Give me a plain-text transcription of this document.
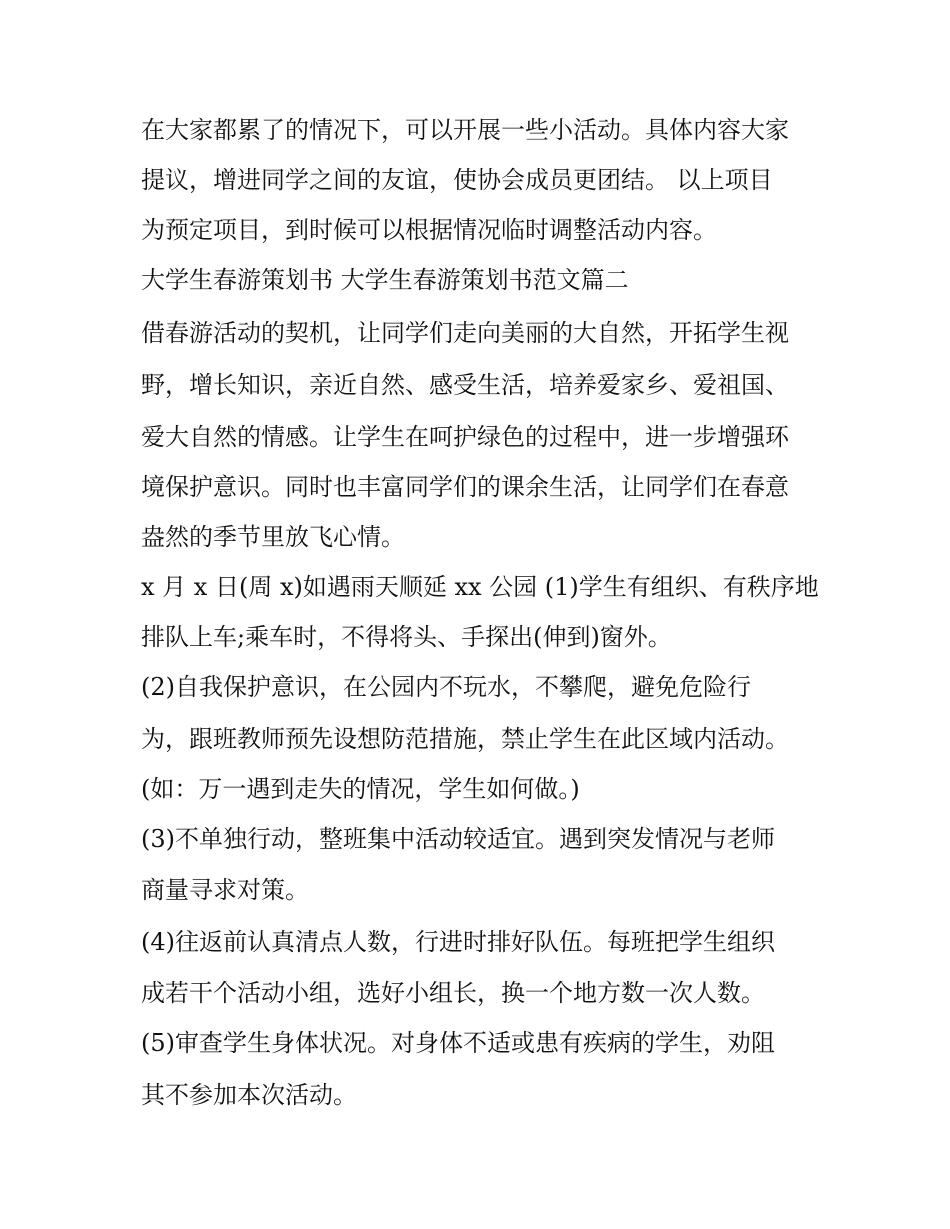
在大家都累了的情况下，可以开展一些小活动。具体内容大家
提议，增进同学之间的友谊，使协会成员更团结。 以上项目
为预定项目，到时候可以根据情况临时调整活动内容。
大学生春游策划书 大学生春游策划书范文篇二
借春游活动的契机，让同学们走向美丽的大自然，开拓学生视
野，增长知识，亲近自然、感受生活，培养爱家乡、爱祖国、
爱大自然的情感。让学生在呵护绿色的过程中，进一步增强环
境保护意识。同时也丰富同学们的课余生活，让同学们在春意
盎然的季节里放飞心情。
x 月 x 日(周 x)如遇雨天顺延 xx 公园 (1)学生有组织、有秩序地
排队上车;乘车时，不得将头、手探出(伸到)窗外。
(2)自我保护意识，在公园内不玩水，不攀爬，避免危险行
为，跟班教师预先设想防范措施，禁止学生在此区域内活动。
(如：万一遇到走失的情况，学生如何做。)
(3)不单独行动，整班集中活动较适宜。遇到突发情况与老师
商量寻求对策。
(4)往返前认真清点人数，行进时排好队伍。每班把学生组织
成若干个活动小组，选好小组长，换一个地方数一次人数。
(5)审查学生身体状况。对身体不适或患有疾病的学生，劝阻
其不参加本次活动。
